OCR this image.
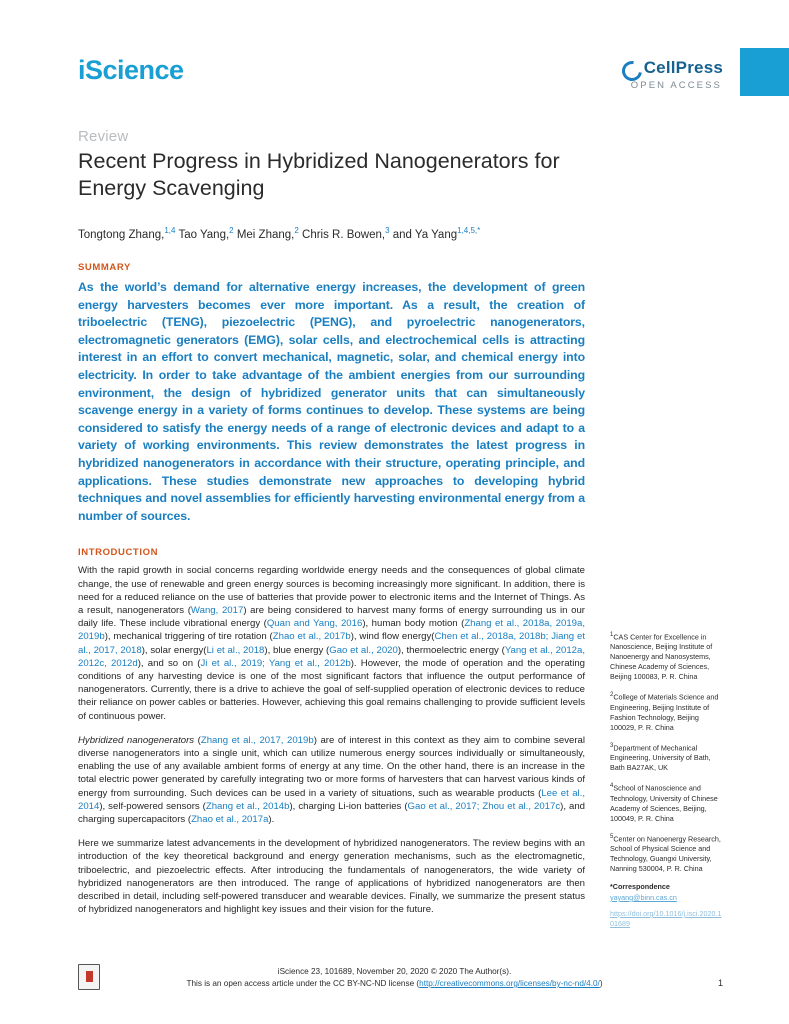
iScience	CellPress
OPEN ACCESS
Review
Recent Progress in Hybridized Nanogenerators for Energy Scavenging
Tongtong Zhang,$^{1,4}$ Tao Yang,$^2$ Mei Zhang,$^2$ Chris R. Bowen,$^3$ and Ya Yang$^{1,4,5,*}$
SUMMARY

As the world’s demand for alternative energy increases, the development of green energy harvesters becomes ever more important. As a result, the creation of triboelectric (TENG), piezoelectric (PENG), and pyroelectric nanogenerators, electromagnetic generators (EMG), solar cells, and electrochemical cells is attracting interest in an effort to convert mechanical, magnetic, solar, and chemical energy into electricity. In order to take advantage of the ambient energies from our surrounding environment, the design of hybridized generator units that can simultaneously scavenge energy in a variety of forms continues to develop. These systems are being considered to satisfy the energy needs of a range of electronic devices and adapt to a variety of working environments. This review demonstrates the latest progress in hybridized nanogenerators in accordance with their structure, operating principle, and applications. These studies demonstrate new approaches to developing hybrid techniques and novel assemblies for efficiently harvesting environmental energy from a number of sources.

INTRODUCTION

With the rapid growth in social concerns regarding worldwide energy needs and the consequences of global climate change, the use of renewable and green energy sources is becoming increasingly more significant. In addition, there is need for a reduced reliance on the use of batteries that provide power to electronic items and the Internet of Things. As a result, nanogenerators (Wang, 2017) are being considered to harvest many forms of energy surrounding us in our daily life. These include vibrational energy (Quan and Yang, 2016), human body motion (Zhang et al., 2018a, 2019a, 2019b), mechanical triggering of tire rotation (Zhao et al., 2017b), wind flow energy(Chen et al., 2018a, 2018b; Jiang et al., 2017, 2018), solar energy(Li et al., 2018), blue energy (Gao et al., 2020), thermoelectric energy (Yang et al., 2012a, 2012c, 2012d), and so on (Ji et al., 2019; Yang et al., 2012b). However, the mode of operation and the operating conditions of any harvesting device is one of the most significant factors that influence the output performance of nanogenerators. Currently, there is a drive to achieve the goal of self-supplied operation of electronic devices to reduce their reliance on power cables or batteries. However, achieving this goal remains challenging to provide sufficient levels of continuous power.

Hybridized nanogenerators (Zhang et al., 2017, 2019b) are of interest in this context as they aim to combine several diverse nanogenerators into a single unit, which can utilize numerous energy sources individually or simultaneously, enabling the use of any available ambient forms of energy at any time. On the other hand, there is an increase in the total electric power generated by carefully integrating two or more forms of harvesters that can harvest various kinds of energy from surrounding. Such devices can be used in a variety of situations, such as wearable products (Lee et al., 2014), self-powered sensors (Zhang et al., 2014b), charging Li-ion batteries (Gao et al., 2017; Zhou et al., 2017c), and charging supercapacitors (Zhao et al., 2017a).

Here we summarize latest advancements in the development of hybridized nanogenerators. The review begins with an introduction of the key theoretical background and energy generation mechanisms, such as the electromagnetic, triboelectric, and piezoelectric effects. After introducing the fundamentals of nanogenerators, the wide variety of hybridized nanogenerators are then introduced. The range of applications of hybridized nanogenerators are then described in detail, including self-powered transducer and wearable devices. Finally, we summarize the present status of hybridized nanogenerators and highlight key issues and their vision for the future.

$^1$CAS Center for Excellence in Nanoscience, Beijing Institute of Nanoenergy and Nanosystems, Chinese Academy of Sciences, Beijing 100083, P. R. China

$^2$College of Materials Science and Engineering, Beijing Institute of Fashion Technology, Beijing 100029, P. R. China

$^3$Department of Mechanical Engineering, University of Bath, Bath BA27AK, UK

$^4$School of Nanoscience and Technology, University of Chinese Academy of Sciences, Beijing, 100049, P. R. China

$^5$Center on Nanoenergy Research, School of Physical Science and Technology, Guangxi University, Nanning 530004, P. R. China

*Correspondence

yayang@binn.cas.cn
https://doi.org/10.1016/j.isci.2020.101689
iScience 23, 101689, November 20, 2020 © 2020 The Author(s).
This is an open access article under the CC BY-NC-ND license (http://creativecommons.org/licenses/by-nc-nd/4.0/)	1
